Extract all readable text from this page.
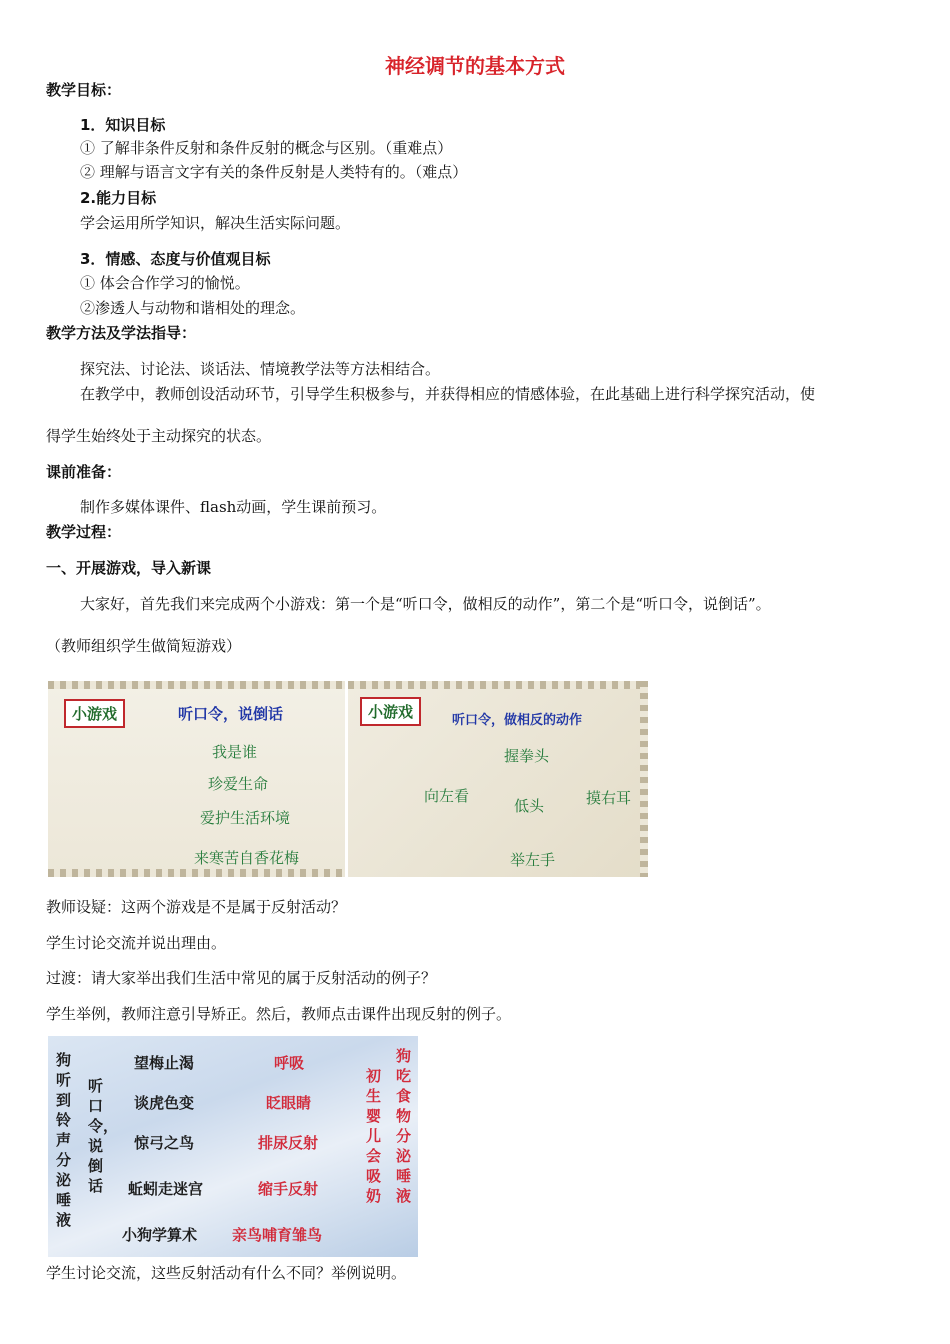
神经调节的基本方式
教学目标：
1．知识目标
① 了解非条件反射和条件反射的概念与区别。（重难点）
② 理解与语言文字有关的条件反射是人类特有的。（难点）
2.能力目标
学会运用所学知识，解决生活实际问题。
3．情感、态度与价值观目标
① 体会合作学习的愉悦。
②渗透人与动物和谐相处的理念。
教学方法及学法指导：
探究法、讨论法、谈话法、情境教学法等方法相结合。
在教学中，教师创设活动环节，引导学生积极参与，并获得相应的情感体验，在此基础上进行科学探究活动，使
得学生始终处于主动探究的状态。
课前准备：
制作多媒体课件、flash动画，学生课前预习。
教学过程：
一、开展游戏，导入新课
大家好，首先我们来完成两个小游戏：第一个是“听口令，做相反的动作”，第二个是“听口令，说倒话”。
（教师组织学生做简短游戏）
小游戏	听口令，说倒话
我是谁
珍爱生命
爱护生活环境
来寒苦自香花梅
小游戏	听口令，做相反的动作
握拳头
向左看
低头	摸右耳
举左手
教师设疑：这两个游戏是不是属于反射活动？
学生讨论交流并说出理由。
过渡：请大家举出我们生活中常见的属于反射活动的例子？
学生举例，教师注意引导矫正。然后，教师点击课件出现反射的例子。
狗听到铃声分泌唾液
听口令，说倒话
望梅止渴
谈虎色变
惊弓之鸟
蚯蚓走迷宫
小狗学算术
呼吸
眨眼睛
排尿反射
缩手反射
亲鸟哺育雏鸟
初生婴儿会吸奶
狗吃食物分泌唾液
学生讨论交流，这些反射活动有什么不同？举例说明。
